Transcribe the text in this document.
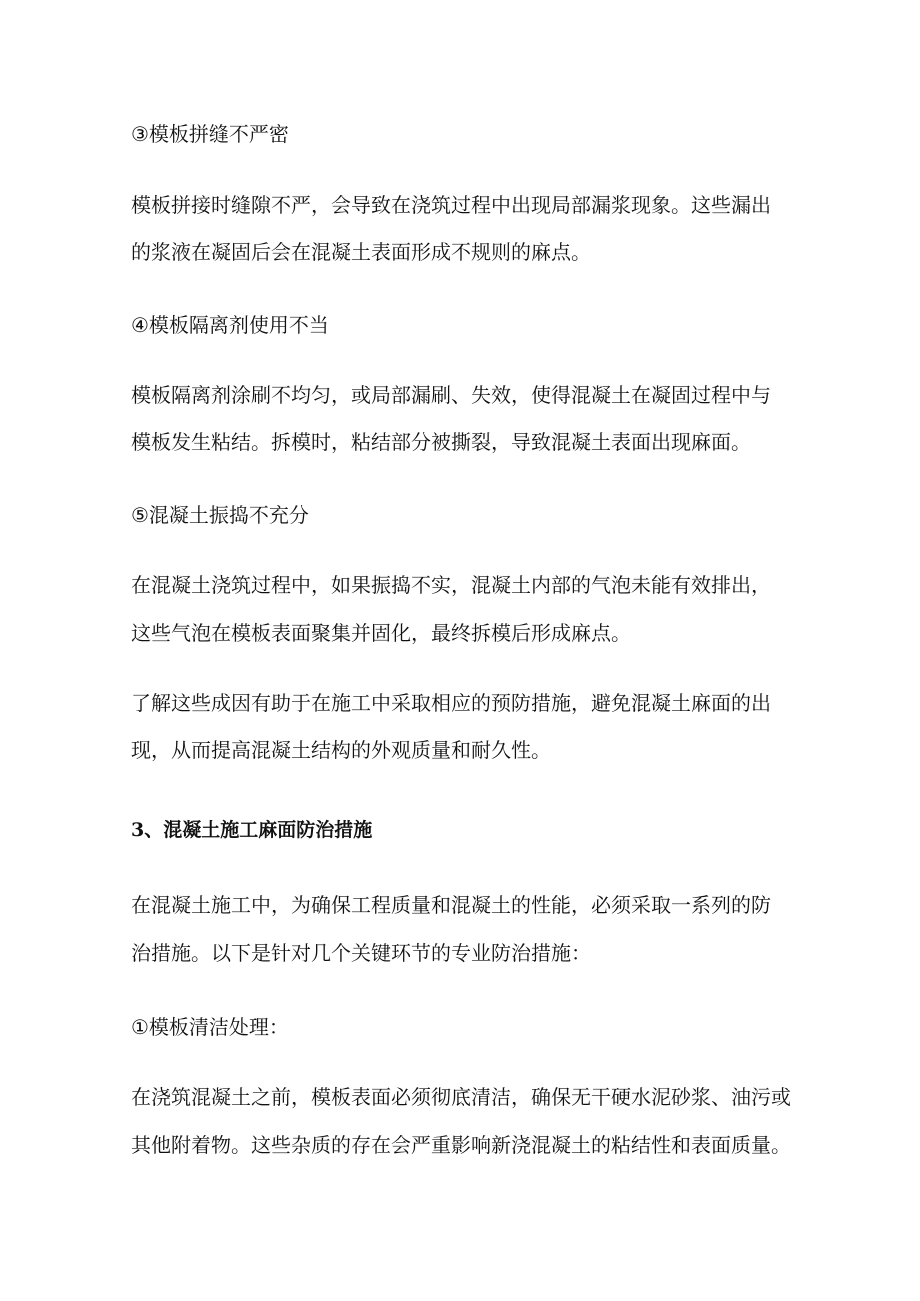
③模板拼缝不严密
模板拼接时缝隙不严，会导致在浇筑过程中出现局部漏浆现象。这些漏出
的浆液在凝固后会在混凝土表面形成不规则的麻点。
④模板隔离剂使用不当
模板隔离剂涂刷不均匀，或局部漏刷、失效，使得混凝土在凝固过程中与
模板发生粘结。拆模时，粘结部分被撕裂，导致混凝土表面出现麻面。
⑤混凝土振捣不充分
在混凝土浇筑过程中，如果振捣不实，混凝土内部的气泡未能有效排出，
这些气泡在模板表面聚集并固化，最终拆模后形成麻点。
了解这些成因有助于在施工中采取相应的预防措施，避免混凝土麻面的出
现，从而提高混凝土结构的外观质量和耐久性。
3、混凝土施工麻面防治措施
在混凝土施工中，为确保工程质量和混凝土的性能，必须采取一系列的防
治措施。以下是针对几个关键环节的专业防治措施：
①模板清洁处理：
在浇筑混凝土之前，模板表面必须彻底清洁，确保无干硬水泥砂浆、油污或
其他附着物。这些杂质的存在会严重影响新浇混凝土的粘结性和表面质量。
